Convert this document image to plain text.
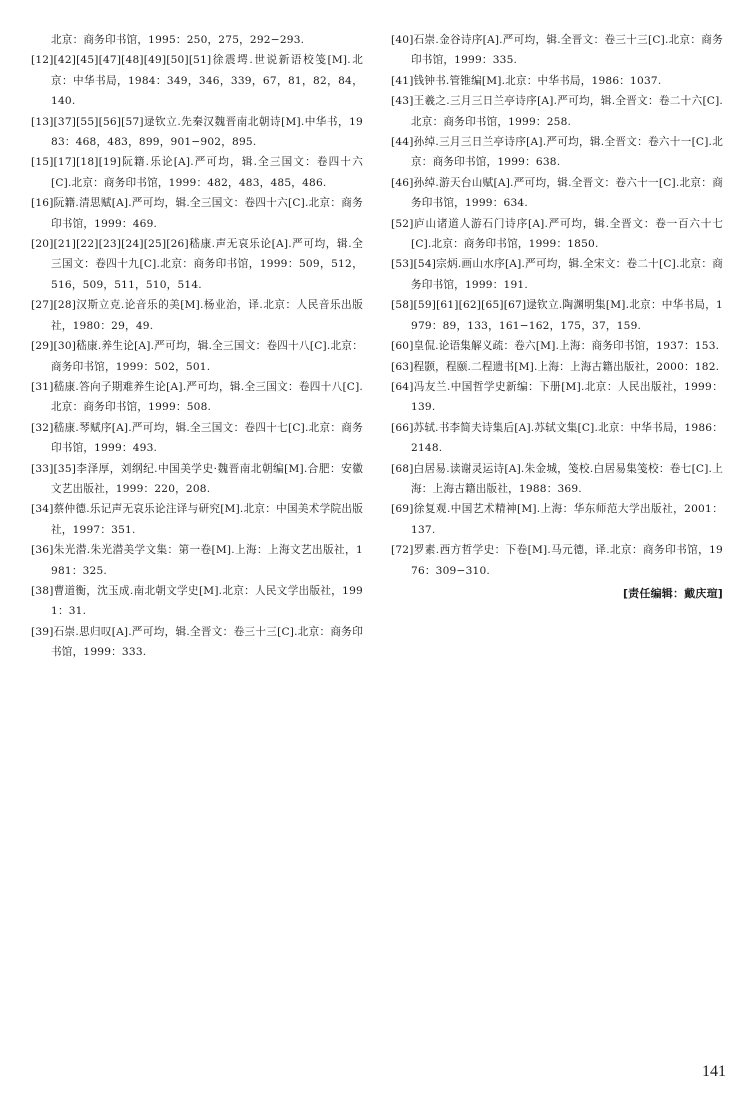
北京：商务印书馆，1995：250，275，292−293.

[12][42][45][47][48][49][50][51]徐震堮.世说新语校笺[M].北京：中华书局，1984：349，346，339，67，81，82，84，140.

[13][37][55][56][57]逯钦立.先秦汉魏晋南北朝诗[M].中华书，1983：468，483，899，901−902，895.

[15][17][18][19]阮籍.乐论[A].严可均，辑.全三国文：卷四十六[C].北京：商务印书馆，1999：482，483，485，486.

[16]阮籍.清思赋[A].严可均，辑.全三国文：卷四十六[C].北京：商务印书馆，1999：469.

[20][21][22][23][24][25][26]嵇康.声无哀乐论[A].严可均，辑.全三国文：卷四十九[C].北京：商务印书馆，1999：509，512，516，509，511，510，514.

[27][28]汉斯立克.论音乐的美[M].杨业治，译.北京：人民音乐出版社，1980：29，49.

[29][30]嵇康.养生论[A].严可均，辑.全三国文：卷四十八[C].北京：商务印书馆，1999：502，501.

[31]嵇康.答向子期难养生论[A].严可均，辑.全三国文：卷四十八[C].北京：商务印书馆，1999：508.

[32]嵇康.琴赋序[A].严可均，辑.全三国文：卷四十七[C].北京：商务印书馆，1999：493.

[33][35]李泽厚，刘纲纪.中国美学史·魏晋南北朝编[M].合肥：安徽文艺出版社，1999：220，208.

[34]蔡仲德.乐记声无哀乐论注译与研究[M].北京：中国美术学院出版社，1997：351.

[36]朱光潜.朱光潜美学文集：第一卷[M].上海：上海文艺出版社，1981：325.

[38]曹道衡，沈玉成.南北朝文学史[M].北京：人民文学出版社，1991：31.

[39]石崇.思归叹[A].严可均，辑.全晋文：卷三十三[C].北京：商务印书馆，1999：333.

[40]石崇.金谷诗序[A].严可均，辑.全晋文：卷三十三[C].北京：商务印书馆，1999：335.

[41]钱钟书.管锥编[M].北京：中华书局，1986：1037.

[43]王羲之.三月三日兰亭诗序[A].严可均，辑.全晋文：卷二十六[C].北京：商务印书馆，1999：258.

[44]孙绰.三月三日兰亭诗序[A].严可均，辑.全晋文：卷六十一[C].北京：商务印书馆，1999：638.

[46]孙绰.游天台山赋[A].严可均，辑.全晋文：卷六十一[C].北京：商务印书馆，1999：634.

[52]庐山诸道人游石门诗序[A].严可均，辑.全晋文：卷一百六十七[C].北京：商务印书馆，1999：1850.

[53][54]宗炳.画山水序[A].严可均，辑.全宋文：卷二十[C].北京：商务印书馆，1999：191.

[58][59][61][62][65][67]逯钦立.陶渊明集[M].北京：中华书局，1979：89，133，161−162，175，37，159.

[60]皇侃.论语集解义疏：卷六[M].上海：商务印书馆，1937：153.

[63]程颢，程颐.二程遗书[M].上海：上海古籍出版社，2000：182.

[64]冯友兰.中国哲学史新编：下册[M].北京：人民出版社，1999：139.

[66]苏轼.书李简夫诗集后[A].苏轼文集[C].北京：中华书局，1986：2148.

[68]白居易.读谢灵运诗[A].朱金城，笺校.白居易集笺校：卷七[C].上海：上海古籍出版社，1988：369.

[69]徐复观.中国艺术精神[M].上海：华东师范大学出版社，2001：137.

[72]罗素.西方哲学史：下卷[M].马元德，译.北京：商务印书馆，1976：309−310.

[责任编辑：戴庆瑄]
141
